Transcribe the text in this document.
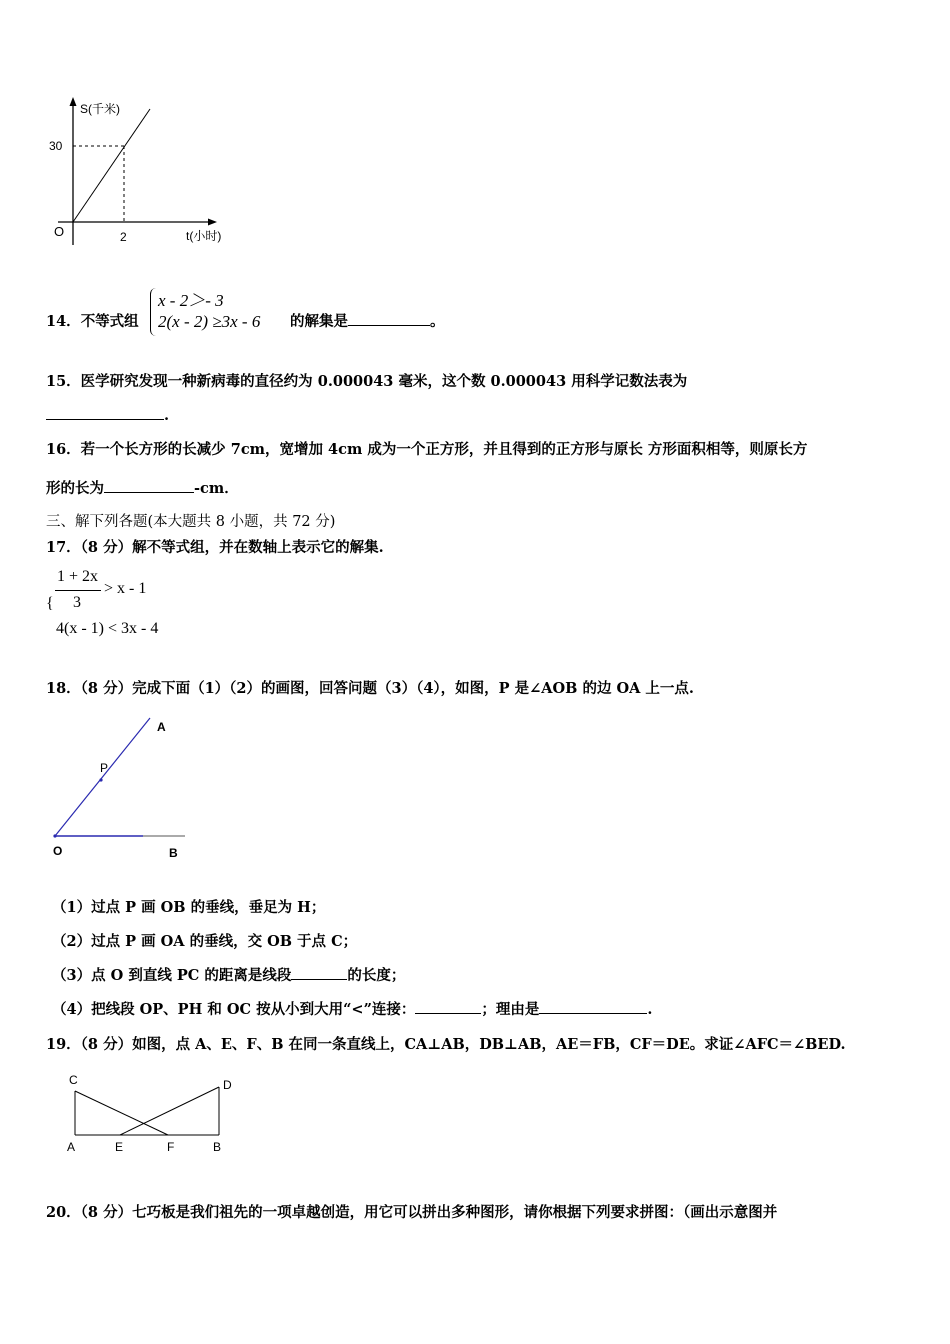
S(千米)
30
O	2	t(小时)
14．不等式组
x - 2＞- 3
2(x - 2) ≥3x - 6 的解集是	。
15．医学研究发现一种新病毒的直径约为 0.000043 毫米，这个数 0.000043 用科学记数法表为
.
16．若一个长方形的长减少 7cm，宽增加 4cm 成为一个正方形，并且得到的正方形与原长 方形面积相等，则原长方
形的长为	-cm．
三、解下列各题(本大题共 8 小题，共 72 分)
17．（8 分）解不等式组，并在数轴上表示它的解集.
{
1 + 2x
3
> x - 1
4(x - 1) < 3x - 4
18．（8 分）完成下面（1）（2）的画图，回答问题（3）（4），如图，P 是∠AOB 的边 OA 上一点.
A
P
O	B
（1）过点 P 画 OB 的垂线，垂足为 H；
（2）过点 P 画 OA 的垂线，交 OB 于点 C；
（3）点 O 到直线 PC 的距离是线段	的长度；
（4）把线段 OP、PH 和 OC 按从小到大用“<”连接：	；理由是	.
19．（8 分）如图，点 A、E、F、B 在同一条直线上，CA⊥AB，DB⊥AB，AE＝FB，CF＝DE。求证∠AFC＝∠BED.
C	D
A	E	F	B
20．（8 分）七巧板是我们祖先的一项卓越创造，用它可以拼出多种图形，请你根据下列要求拼图：（画出示意图并
